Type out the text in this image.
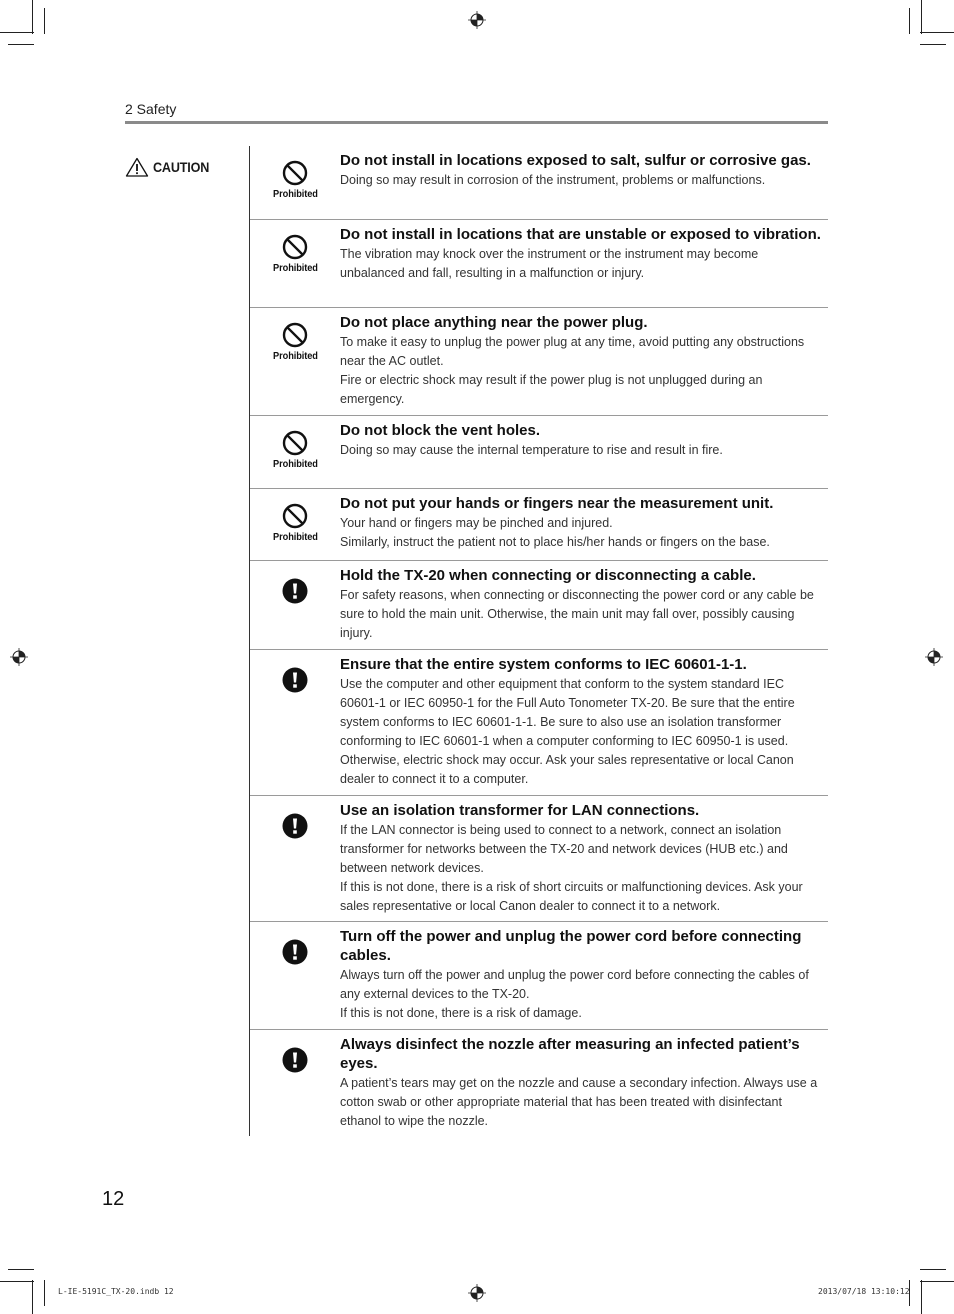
2 Safety
CAUTION
Prohibited
Do not install in locations exposed to salt, sulfur or corrosive gas.

Doing so may result in corrosion of the instrument, problems or malfunctions.

Prohibited
Do not install in locations that are unstable or exposed to vibration.

The vibration may knock over the instrument or the instrument may become unbalanced and fall, resulting in a malfunction or injury.

Prohibited
Do not place anything near the power plug.

To make it easy to unplug the power plug at any time, avoid putting any obstructions near the AC outlet.

Fire or electric shock may result if the power plug is not unplugged during an emergency.

Prohibited
Do not block the vent holes.

Doing so may cause the internal temperature to rise and result in fire.

Prohibited
Do not put your hands or fingers near the measurement unit.

Your hand or fingers may be pinched and injured.

Similarly, instruct the patient not to place his/her hands or fingers on the base.

Hold the TX-20 when connecting or disconnecting a cable.

For safety reasons, when connecting or disconnecting the power cord or any cable be sure to hold the main unit. Otherwise, the main unit may fall over, possibly causing injury.

Ensure that the entire system conforms to IEC 60601-1-1.

Use the computer and other equipment that conform to the system standard IEC 60601-1 or IEC 60950-1 for the Full Auto Tonometer TX-20. Be sure that the entire system conforms to IEC 60601-1-1. Be sure to also use an isolation transformer conforming to IEC 60601-1 when a computer conforming to IEC 60950-1 is used. Otherwise, electric shock may occur. Ask your sales representative or local Canon dealer to connect it to a computer.

Use an isolation transformer for LAN connections.

If the LAN connector is being used to connect to a network, connect an isolation transformer for networks between the TX-20 and network devices (HUB etc.) and between network devices.

If this is not done, there is a risk of short circuits or malfunctioning devices. Ask your sales representative or local Canon dealer to connect it to a network.

Turn off the power and unplug the power cord before connecting cables.

Always turn off the power and unplug the power cord before connecting the cables of any external devices to the TX-20.

If this is not done, there is a risk of damage.

Always disinfect the nozzle after measuring an infected patient’s eyes.

A patient’s tears may get on the nozzle and cause a secondary infection. Always use a cotton swab or other appropriate material that has been treated with disinfectant ethanol to wipe the nozzle.

12
L-IE-5191C_TX-20.indb 12	2013/07/18 13:10:12
